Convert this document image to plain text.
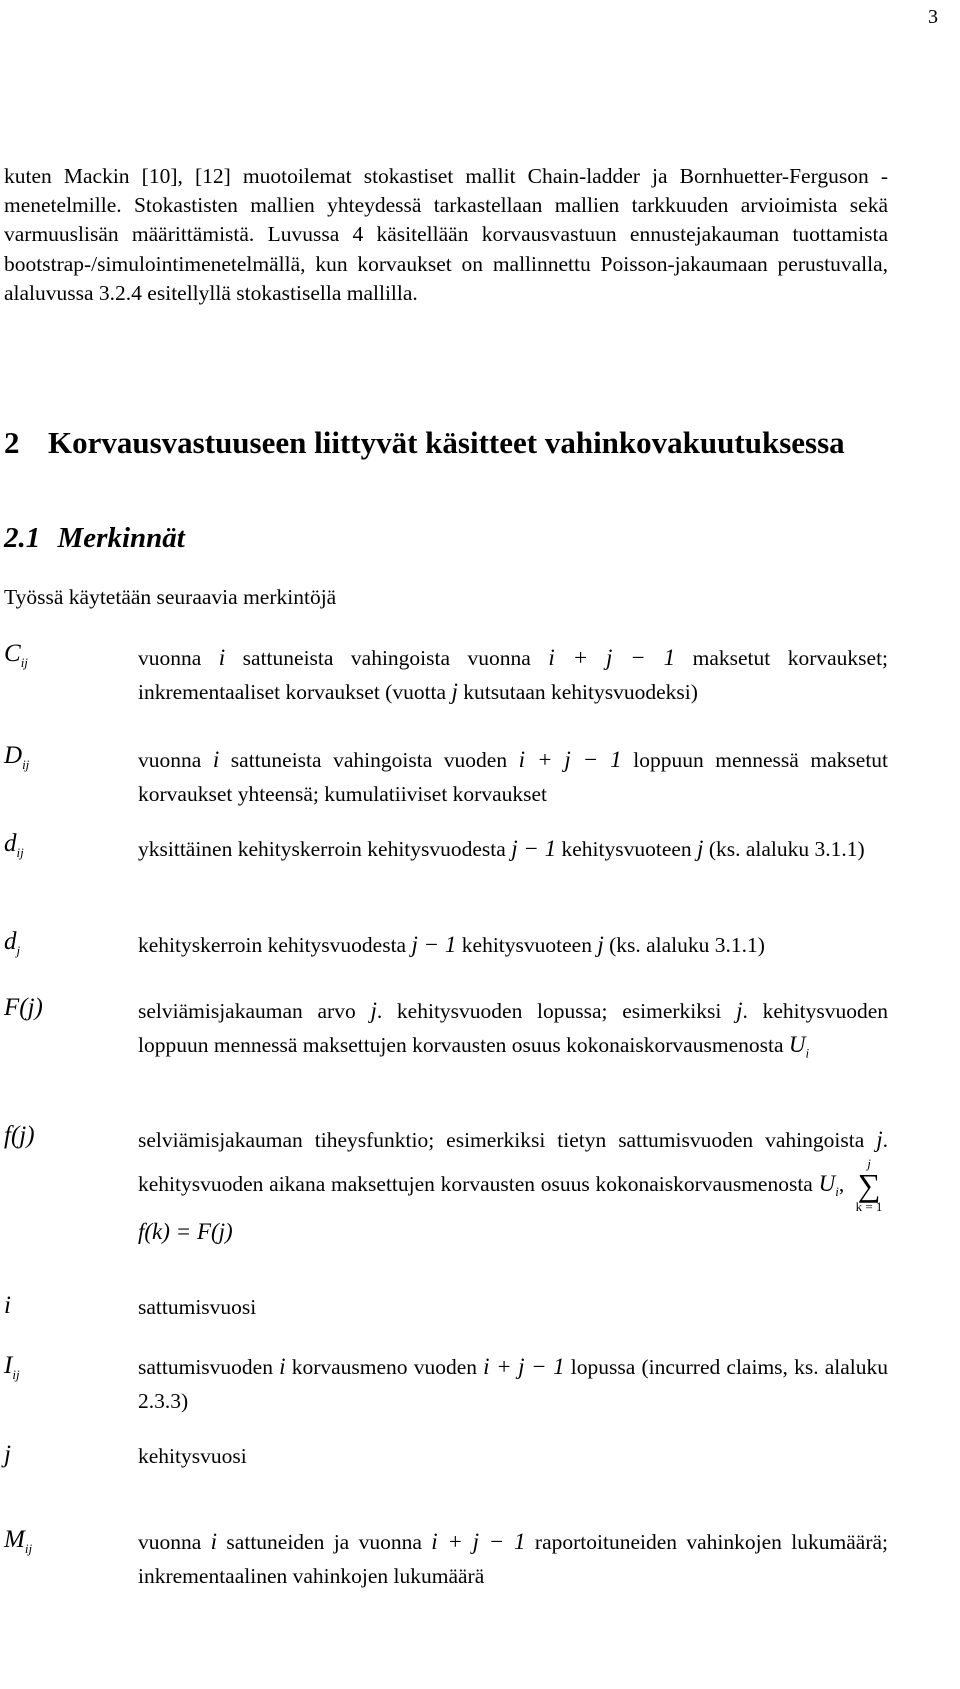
3

kuten Mackin [10], [12] muotoilemat stokastiset mallit Chain-ladder ja Bornhuetter-Ferguson -menetelmille. Stokastisten mallien yhteydessä tarkastellaan mallien tarkkuuden arvioimista sekä varmuuslisän määrittämistä. Luvussa 4 käsitellään korvausvastuun ennustejakauman tuottamista bootstrap-/simulointimenetelmällä, kun korvaukset on mallinnettu Poisson-jakaumaan perustuvalla, alaluvussa 3.2.4 esitellyllä stokastisella mallilla.

2 Korvausvastuuseen liittyvät käsitteet vahinkovakuutuksessa
2.1 Merkinnät
Työssä käytetään seuraavia merkintöjä
$C_{ij}$	vuonna i sattuneista vahingoista vuonna i + j − 1 maksetut korvaukset; inkrementaaliset korvaukset (vuotta j kutsutaan kehitysvuodeksi)
$D_{ij}$	vuonna i sattuneista vahingoista vuoden i + j − 1 loppuun mennessä maksetut korvaukset yhteensä; kumulatiiviset korvaukset
$d_{ij}$	yksittäinen kehityskerroin kehitysvuodesta j − 1 kehitysvuoteen j (ks. alaluku 3.1.1)
$d_j$	kehityskerroin kehitysvuodesta j − 1 kehitysvuoteen j (ks. alaluku 3.1.1)
F(j)	selviämisjakauman arvo j. kehitysvuoden lopussa; esimerkiksi j. kehitysvuoden loppuun mennessä maksettujen korvausten osuus kokonaiskorvausmenosta $U_i$
f(j)	selviämisjakauman tiheysfunktio; esimerkiksi tietyn sattumisvuoden vahingoista j. kehitysvuoden aikana maksettujen korvausten osuus kokonaiskorvausmenosta $U_i$,
j
∑
k = 1
f(k) = F(j)
i	sattumisvuosi
$I_{ij}$	sattumisvuoden i korvausmeno vuoden i + j − 1 lopussa (incurred claims, ks. alaluku 2.3.3)
j	kehitysvuosi
$M_{ij}$	vuonna i sattuneiden ja vuonna i + j − 1 raportoituneiden vahinkojen lukumäärä; inkrementaalinen vahinkojen lukumäärä
